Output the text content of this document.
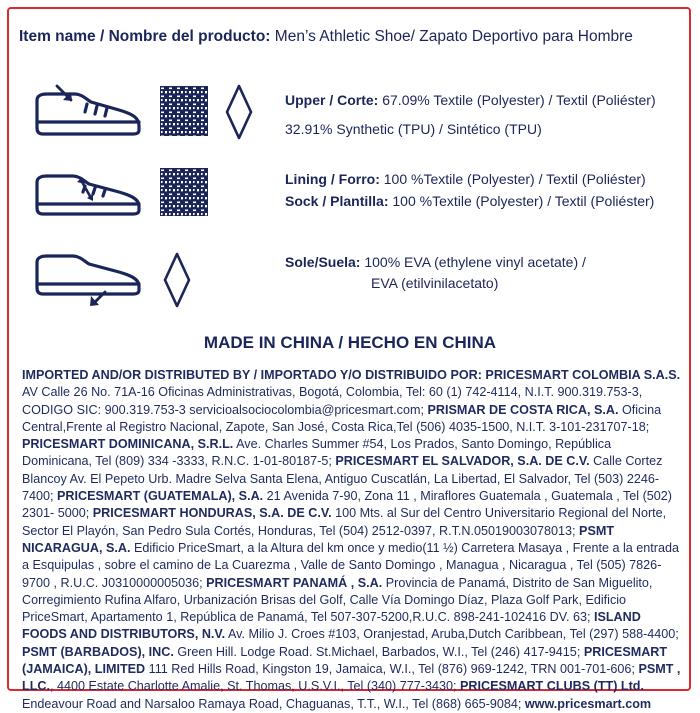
Item name / Nombre del producto: Men’s Athletic Shoe/ Zapato Deportivo para Hombre
Upper / Corte: 67.09% Textile (Polyester) / Textil (Poliéster)
32.91% Synthetic (TPU) / Sintético (TPU)
Lining / Forro: 100 %Textile (Polyester) / Textil (Poliéster)
Sock / Plantilla: 100 %Textile (Polyester) / Textil (Poliéster)
Sole/Suela: 100% EVA (ethylene vinyl acetate) /
EVA (etilvinilacetato)
MADE IN CHINA / HECHO EN CHINA
IMPORTED AND/OR DISTRIBUTED BY / IMPORTADO Y/O DISTRIBUIDO POR: PRICESMART COLOMBIA S.A.S. AV Calle 26 No. 71A-16 Oficinas Administrativas, Bogotá, Colombia, Tel: 60 (1) 742-4114, N.I.T. 900.319.753-3, CODIGO SIC: 900.319.753-3 servicioalsociocolombia@pricesmart.com; PRISMAR DE COSTA RICA, S.A. Oficina Central,Frente al Registro Nacional, Zapote, San José, Costa Rica,Tel (506) 4035-1500, N.I.T. 3-101-231707-18; PRICESMART DOMINICANA, S.R.L. Ave. Charles Summer #54, Los Prados, Santo Domingo, República Dominicana, Tel (809) 334 -3333, R.N.C. 1-01-80187-5; PRICESMART EL SALVADOR, S.A. DE C.V. Calle Cortez Blancoy Av. El Pepeto Urb. Madre Selva Santa Elena, Antiguo Cuscatlán, La Libertad, El Salvador, Tel (503) 2246-7400; PRICESMART (GUATEMALA), S.A. 21 Avenida 7-90, Zona 11 , Miraflores Guatemala , Guatemala , Tel (502) 2301- 5000; PRICESMART HONDURAS, S.A. DE C.V. 100 Mts. al Sur del Centro Universitario Regional del Norte, Sector El Playón, San Pedro Sula Cortés, Honduras, Tel (504) 2512-0397, R.T.N.05019003078013; PSMT NICARAGUA, S.A. Edificio PriceSmart, a la Altura del km once y medio(11 ½) Carretera Masaya , Frente a la entrada a Esquipulas , sobre el camino de La Cuarezma , Valle de Santo Domingo , Managua , Nicaragua , Tel (505) 7826-9700 , R.U.C. J0310000005036; PRICESMART PANAMÁ , S.A. Provincia de Panamá, Distrito de San Miguelito, Corregimiento Rufina Alfaro, Urbanización Brisas del Golf, Calle Vía Domingo Díaz, Plaza Golf Park, Edificio PriceSmart, Apartamento 1, República de Panamá, Tel 507-307-5200,R.U.C. 898-241-102416 DV. 63; ISLAND FOODS AND DISTRIBUTORS, N.V. Av. Milio J. Croes #103, Oranjestad, Aruba,Dutch Caribbean, Tel (297) 588-4400; PSMT (BARBADOS), INC. Green Hill. Lodge Road. St.Michael, Barbados, W.I., Tel (246) 417-9415; PRICESMART (JAMAICA), LIMITED 111 Red Hills Road, Kingston 19, Jamaica, W.I., Tel (876) 969-1242, TRN 001-701-606; PSMT , LLC., 4400 Estate Charlotte Amalie, St. Thomas, U.S.V.I., Tel (340) 777-3430; PRICESMART CLUBS (TT) Ltd. Endeavour Road and Narsaloo Ramaya Road, Chaguanas, T.T., W.I., Tel (868) 665-9084; www.pricesmart.com
